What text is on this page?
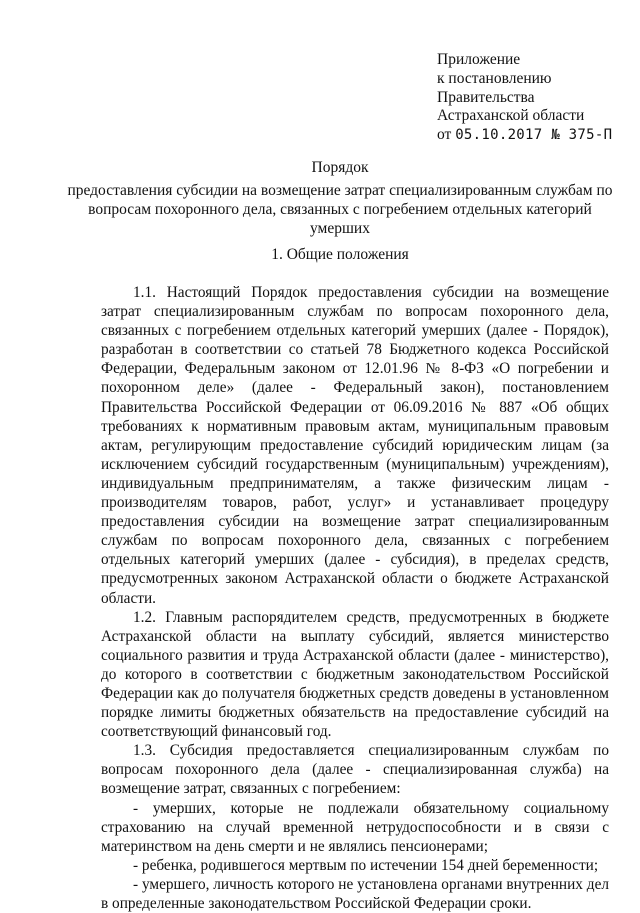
Приложение
к постановлению
Правительства
Астраханской области
от 05.10.2017 № 375-П
Порядок
предоставления субсидии на возмещение затрат специализированным службам по вопросам похоронного дела, связанных с погребением отдельных категорий умерших
1. Общие положения

1.1. Настоящий Порядок предоставления субсидии на возмещение затрат специализированным службам по вопросам похоронного дела, связанных с погребением отдельных категорий умерших (далее - Порядок), разработан в соответствии со статьей 78 Бюджетного кодекса Российской Федерации, Федеральным законом от 12.01.96 № 8-ФЗ «О погребении и похоронном деле» (далее - Федеральный закон), постановлением Правительства Российской Федерации от 06.09.2016 № 887 «Об общих требованиях к нормативным правовым актам, муниципальным правовым актам, регулирующим предоставление субсидий юридическим лицам (за исключением субсидий государственным (муниципальным) учреждениям), индивидуальным предпринимателям, а также физическим лицам - производителям товаров, работ, услуг» и устанавливает процедуру предоставления субсидии на возмещение затрат специализированным службам по вопросам похоронного дела, связанных с погребением отдельных категорий умерших (далее - субсидия), в пределах средств, предусмотренных законом Астраханской области о бюджете Астраханской области.

1.2. Главным распорядителем средств, предусмотренных в бюджете Астраханской области на выплату субсидий, является министерство социального развития и труда Астраханской области (далее - министерство), до которого в соответствии с бюджетным законодательством Российской Федерации как до получателя бюджетных средств доведены в установленном порядке лимиты бюджетных обязательств на предоставление субсидий на соответствующий финансовый год.

1.3. Субсидия предоставляется специализированным службам по вопросам похоронного дела (далее - специализированная служба) на возмещение затрат, связанных с погребением:

- умерших, которые не подлежали обязательному социальному страхованию на случай временной нетрудоспособности и в связи с материнством на день смерти и не являлись пенсионерами;

- ребенка, родившегося мертвым по истечении 154 дней беременности;

- умершего, личность которого не установлена органами внутренних дел в определенные законодательством Российской Федерации сроки.
